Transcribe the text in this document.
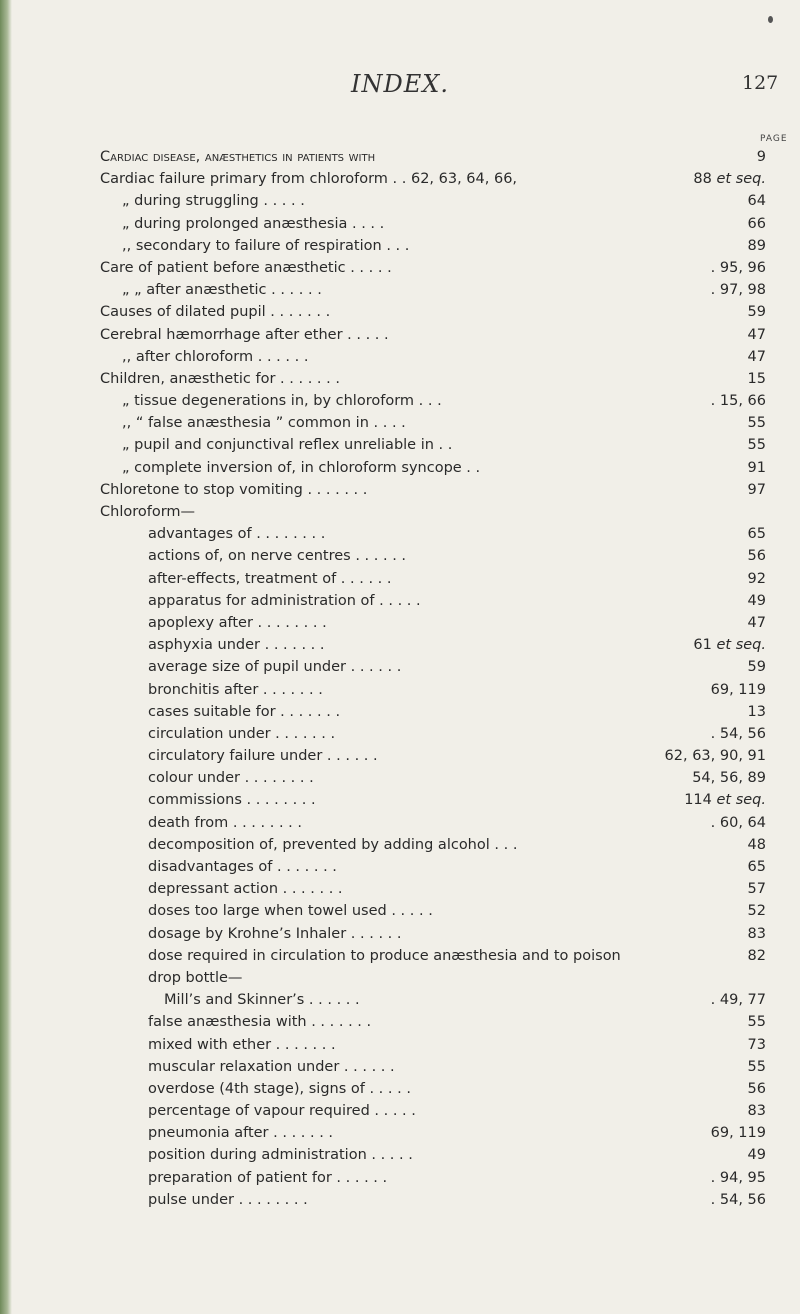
INDEX.	127
PAGE
Cardiac disease, anæsthetics in patients with	9
Cardiac failure primary from chloroform . . 62, 63, 64, 66,	88 et seq.
„ during struggling . . . . .	64
„ during prolonged anæsthesia . . . .	66
,, secondary to failure of respiration . . .	89
Care of patient before anæsthetic . . . . .	. 95, 96
„ „ after anæsthetic . . . . . .	. 97, 98
Causes of dilated pupil . . . . . . .	59
Cerebral hæmorrhage after ether . . . . .	47
,, after chloroform . . . . . .	47
Children, anæsthetic for . . . . . . .	15
„ tissue degenerations in, by chloroform . . .	. 15, 66
,, “ false anæsthesia ” common in . . . .	55
„ pupil and conjunctival reflex unreliable in . .	55
„ complete inversion of, in chloroform syncope . .	91
Chloretone to stop vomiting . . . . . . .	97
Chloroform—
advantages of . . . . . . . .	65
actions of, on nerve centres . . . . . .	56
after-effects, treatment of . . . . . .	92
apparatus for administration of . . . . .	49
apoplexy after . . . . . . . .	47
asphyxia under . . . . . . .	61 et seq.
average size of pupil under . . . . . .	59
bronchitis after . . . . . . .	69, 119
cases suitable for . . . . . . .	13
circulation under . . . . . . .	. 54, 56
circulatory failure under . . . . . .	62, 63, 90, 91
colour under . . . . . . . .	54, 56, 89
commissions . . . . . . . .	114 et seq.
death from . . . . . . . .	. 60, 64
decomposition of, prevented by adding alcohol . . .	48
disadvantages of . . . . . . .	65
depressant action . . . . . . .	57
doses too large when towel used . . . . .	52
dosage by Krohne’s Inhaler . . . . . .	83
dose required in circulation to produce anæsthesia and to poison	82
drop bottle—
Mill’s and Skinner’s . . . . . .	. 49, 77
false anæsthesia with . . . . . . .	55
mixed with ether . . . . . . .	73
muscular relaxation under . . . . . .	55
overdose (4th stage), signs of . . . . .	56
percentage of vapour required . . . . .	83
pneumonia after . . . . . . .	69, 119
position during administration . . . . .	49
preparation of patient for . . . . . .	. 94, 95
pulse under . . . . . . . .	. 54, 56
